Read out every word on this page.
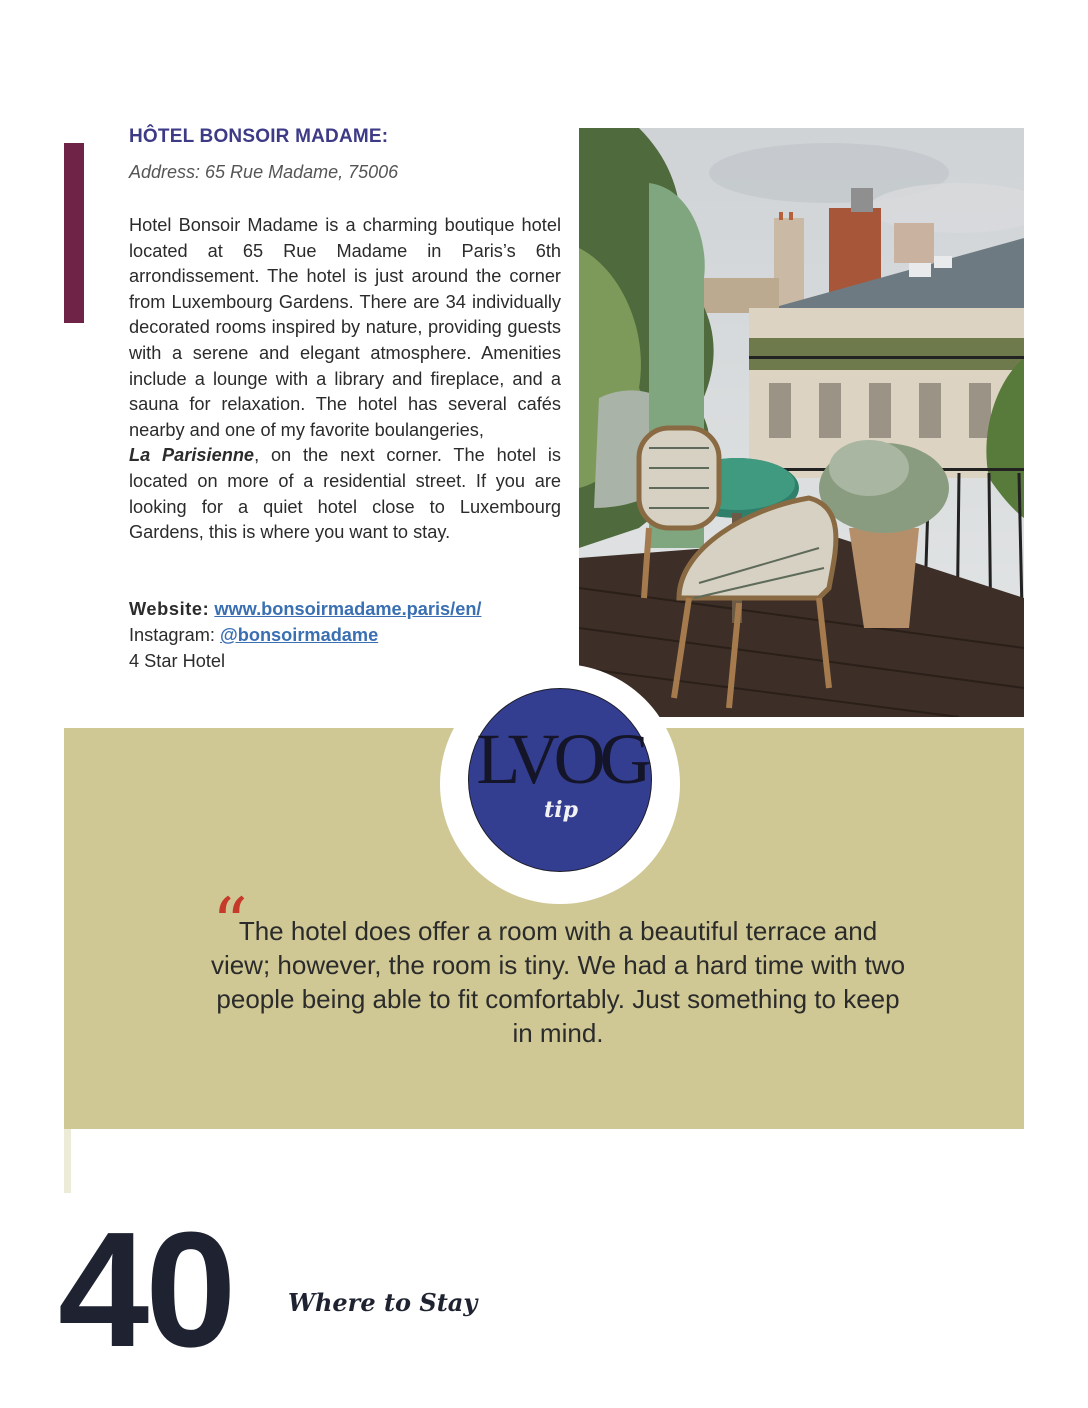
HÔTEL BONSOIR MADAME:

Address: 65 Rue Madame, 75006

Hotel Bonsoir Madame is a charming boutique hotel located at 65 Rue Madame in Paris’s 6th arrondissement. The hotel is just around the corner from Luxembourg Gardens. There are 34 individually decorated rooms inspired by nature, providing guests with a serene and elegant atmosphere. Amenities include a lounge with a library and fireplace, and a sauna for relaxation. The hotel has several cafés nearby and one of my favorite boulangeries,
La Parisienne, on the next corner. The hotel is located on more of a residential street. If you are looking for a quiet hotel close to Luxembourg Gardens, this is where you want to stay.

Website: www.bonsoirmadame.paris/en/
Instagram: @bonsoirmadame
4 Star Hotel
LVOG
tip
“

The hotel does offer a room with a beautiful terrace and view; however, the room is tiny. We had a hard time with two people being able to fit comfortably. Just something to keep in mind.

40 Where to Stay
